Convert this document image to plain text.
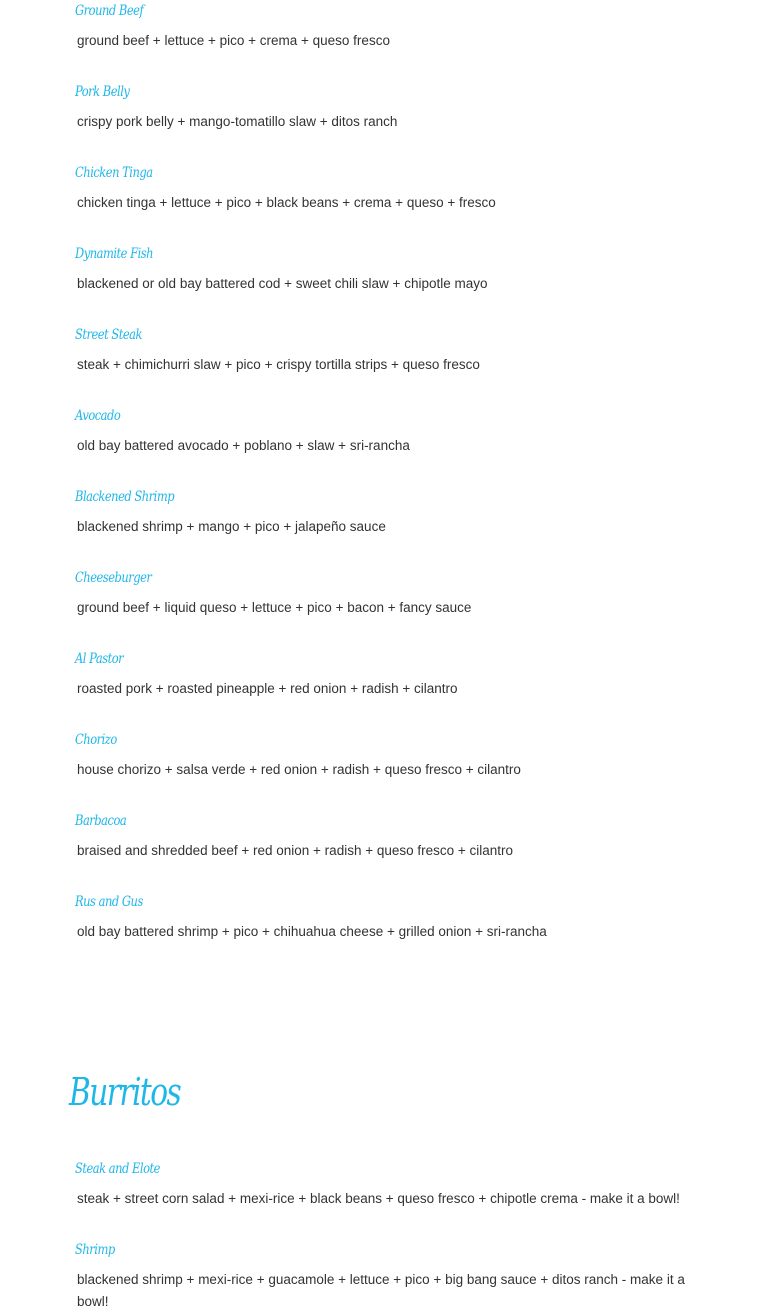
Ground Beef
ground beef + lettuce + pico + crema + queso fresco
Pork Belly
crispy pork belly + mango-tomatillo slaw + ditos ranch
Chicken Tinga
chicken tinga + lettuce + pico + black beans + crema + queso + fresco
Dynamite Fish
blackened or old bay battered cod + sweet chili slaw + chipotle mayo
Street Steak
steak + chimichurri slaw + pico + crispy tortilla strips + queso fresco
Avocado
old bay battered avocado + poblano + slaw + sri-rancha
Blackened Shrimp
blackened shrimp + mango + pico + jalapeño sauce
Cheeseburger
ground beef + liquid queso + lettuce + pico + bacon + fancy sauce
Al Pastor
roasted pork + roasted pineapple + red onion + radish + cilantro
Chorizo
house chorizo + salsa verde + red onion + radish + queso fresco + cilantro
Barbacoa
braised and shredded beef + red onion + radish + queso fresco + cilantro
Rus and Gus
old bay battered shrimp + pico + chihuahua cheese + grilled onion + sri-rancha
Burritos
Steak and Elote
steak + street corn salad + mexi-rice + black beans + queso fresco + chipotle crema - make it a bowl!
Shrimp
blackened shrimp + mexi-rice + guacamole + lettuce + pico + big bang sauce + ditos ranch - make it a bowl!
